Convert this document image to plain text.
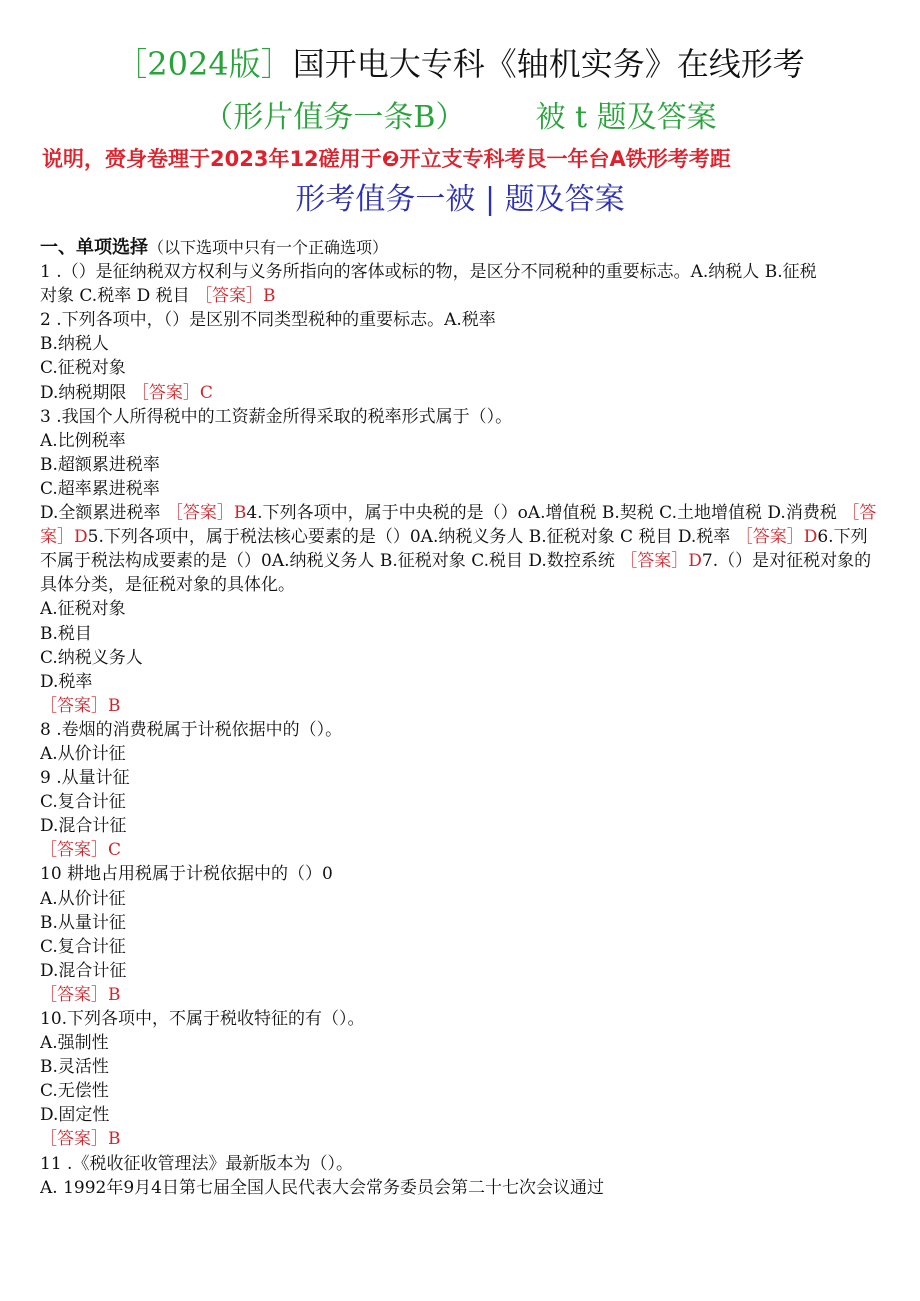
［2024版］国开电大专科《轴机实务》在线形考
（形片值务一条B） 被 t 题及答案
说明，赍身卷理于2023年12磋用于❷开立支专科考艮一年台A铁形考考距
形考值务一被 | 题及答案
一、单项选择（以下选项中只有一个正确选项）
1 .（）是征纳税双方权利与义务所指向的客体或标的物，是区分不同税种的重要标志。A.纳税人 B.征税
对象 C.税率 D 税目 ［答案］B
2 .下列各项中，（）是区别不同类型税种的重要标志。A.税率
B.纳税人
C.征税对象
D.纳税期限 ［答案］C
3 .我国个人所得税中的工资薪金所得采取的税率形式属于（）。
A.比例税率
B.超额累进税率
C.超率累进税率
D.全额累进税率 ［答案］B4.下列各项中，属于中央税的是（）oA.增值税 B.契税 C.土地增值税 D.消费税 ［答案］D5.下列各项中，属于税法核心要素的是（）0A.纳税义务人 B.征税对象 C 税目 D.税率 ［答案］D6.下列不属于税法构成要素的是（）0A.纳税义务人 B.征税对象 C.税目 D.数控系统 ［答案］D7.（）是对征税对象的具体分类，是征税对象的具体化。
A.征税对象
B.税目
C.纳税义务人
D.税率
［答案］B
8 .卷烟的消费税属于计税依据中的（）。
A.从价计征
9 .从量计征
C.复合计征
D.混合计征
［答案］C
10 耕地占用税属于计税依据中的（）0
A.从价计征
B.从量计征
C.复合计征
D.混合计征
［答案］B
10.下列各项中，不属于税收特征的有（）。
A.强制性
B.灵活性
C.无偿性
D.固定性
［答案］B
11 .《税收征收管理法》最新版本为（）。
A. 1992年9月4日第七届全国人民代表大会常务委员会第二十七次会议通过
